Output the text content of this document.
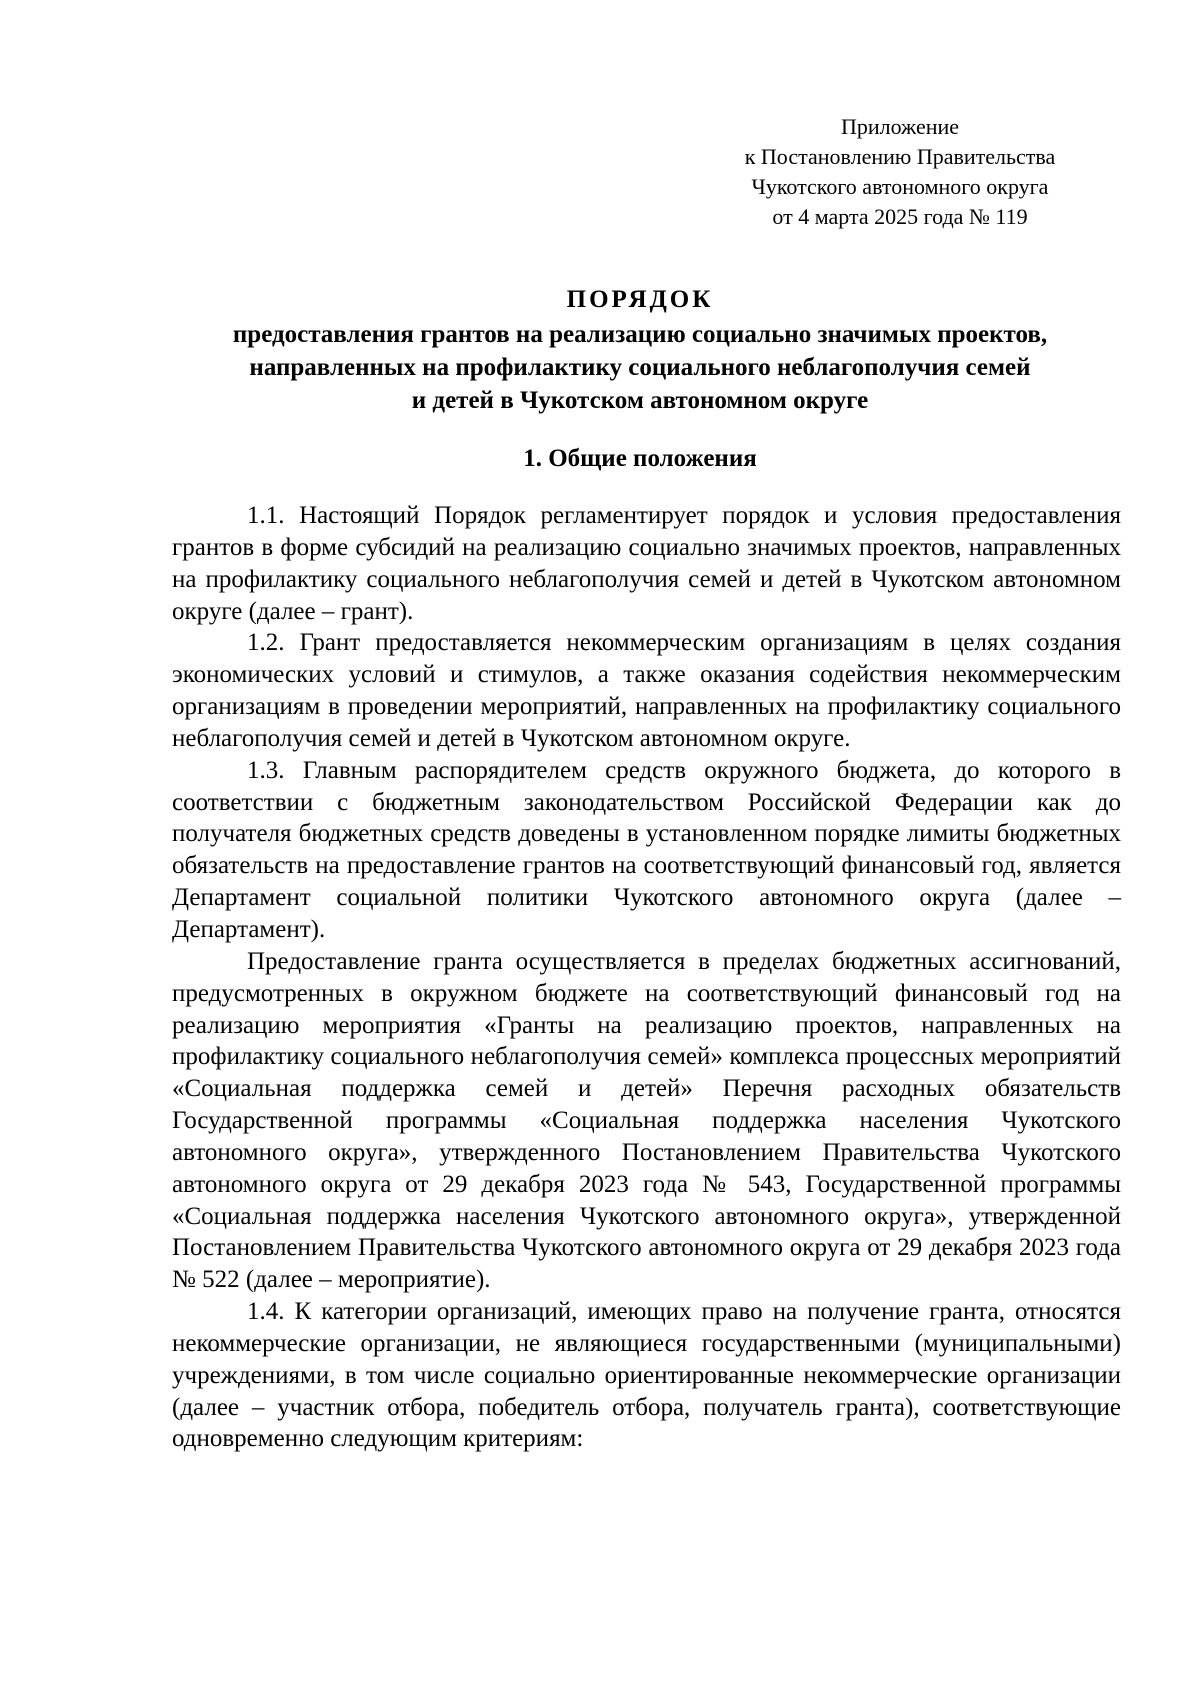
Приложение
к Постановлению Правительства
Чукотского автономного округа
от 4 марта 2025 года № 119
ПОРЯДОК
предоставления грантов на реализацию социально значимых проектов,
направленных на профилактику социального неблагополучия семей
и детей в Чукотском автономном округе
1. Общие положения

1.1. Настоящий Порядок регламентирует порядок и условия предоставления грантов в форме субсидий на реализацию социально значимых проектов, направленных на профилактику социального неблагополучия семей и детей в Чукотском автономном округе (далее – грант).

1.2. Грант предоставляется некоммерческим организациям в целях создания экономических условий и стимулов, а также оказания содействия некоммерческим организациям в проведении мероприятий, направленных на профилактику социального неблагополучия семей и детей в Чукотском автономном округе.

1.3. Главным распорядителем средств окружного бюджета, до которого в соответствии с бюджетным законодательством Российской Федерации как до получателя бюджетных средств доведены в установленном порядке лимиты бюджетных обязательств на предоставление грантов на соответствующий финансовый год, является Департамент социальной политики Чукотского автономного округа (далее – Департамент).

Предоставление гранта осуществляется в пределах бюджетных ассигнований, предусмотренных в окружном бюджете на соответствующий финансовый год на реализацию мероприятия «Гранты на реализацию проектов, направленных на профилактику социального неблагополучия семей» комплекса процессных мероприятий «Социальная поддержка семей и детей» Перечня расходных обязательств Государственной программы «Социальная поддержка населения Чукотского автономного округа», утвержденного Постановлением Правительства Чукотского автономного округа от 29 декабря 2023 года № 543, Государственной программы «Социальная поддержка населения Чукотского автономного округа», утвержденной Постановлением Правительства Чукотского автономного округа от 29 декабря 2023 года № 522 (далее – мероприятие).

1.4. К категории организаций, имеющих право на получение гранта, относятся некоммерческие организации, не являющиеся государственными (муниципальными) учреждениями, в том числе социально ориентированные некоммерческие организации (далее – участник отбора, победитель отбора, получатель гранта), соответствующие одновременно следующим критериям:
